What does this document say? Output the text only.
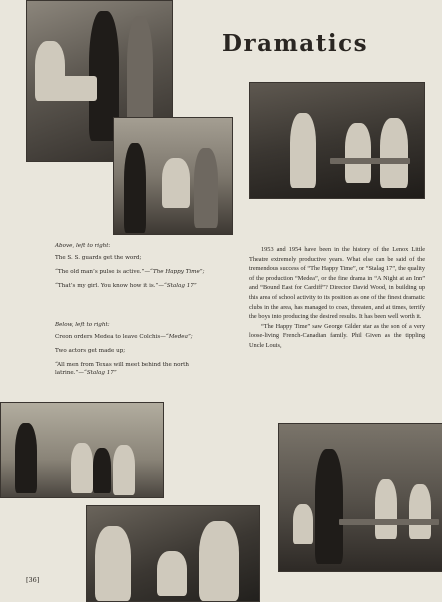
Dramatics

Above, left to right:

The S. S. guards get the word;

“The old man’s pulse is active.”—“The Happy Time”;

“That’s my girl. You know how it is.”—“Stalag 17”

Below, left to right:

Creon orders Medea to leave Colchis—“Medea”;

Two actors get made up;

“All men from Texas will meet behind the north latrine.”—“Stalag 17”

1953 and 1954 have been in the history of the Lenox Little Theatre extremely productive years. What else can be said of the tremendous success of “The Happy Time”, or “Stalag 17”, the quality of the production “Medea”, or the fine drama in “A Night at an Inn” and “Bound East for Cardiff”? Director David Wood, in building up this area of school activity to its position as one of the finest dramatic clubs in the area, has managed to coax, threaten, and at times, terrify the boys into producing the desired results. It has been well worth it.

“The Happy Time” saw George Gilder star as the son of a very loose-living French-Canadian family. Phil Given as the tippling Uncle Louis,

[36]
